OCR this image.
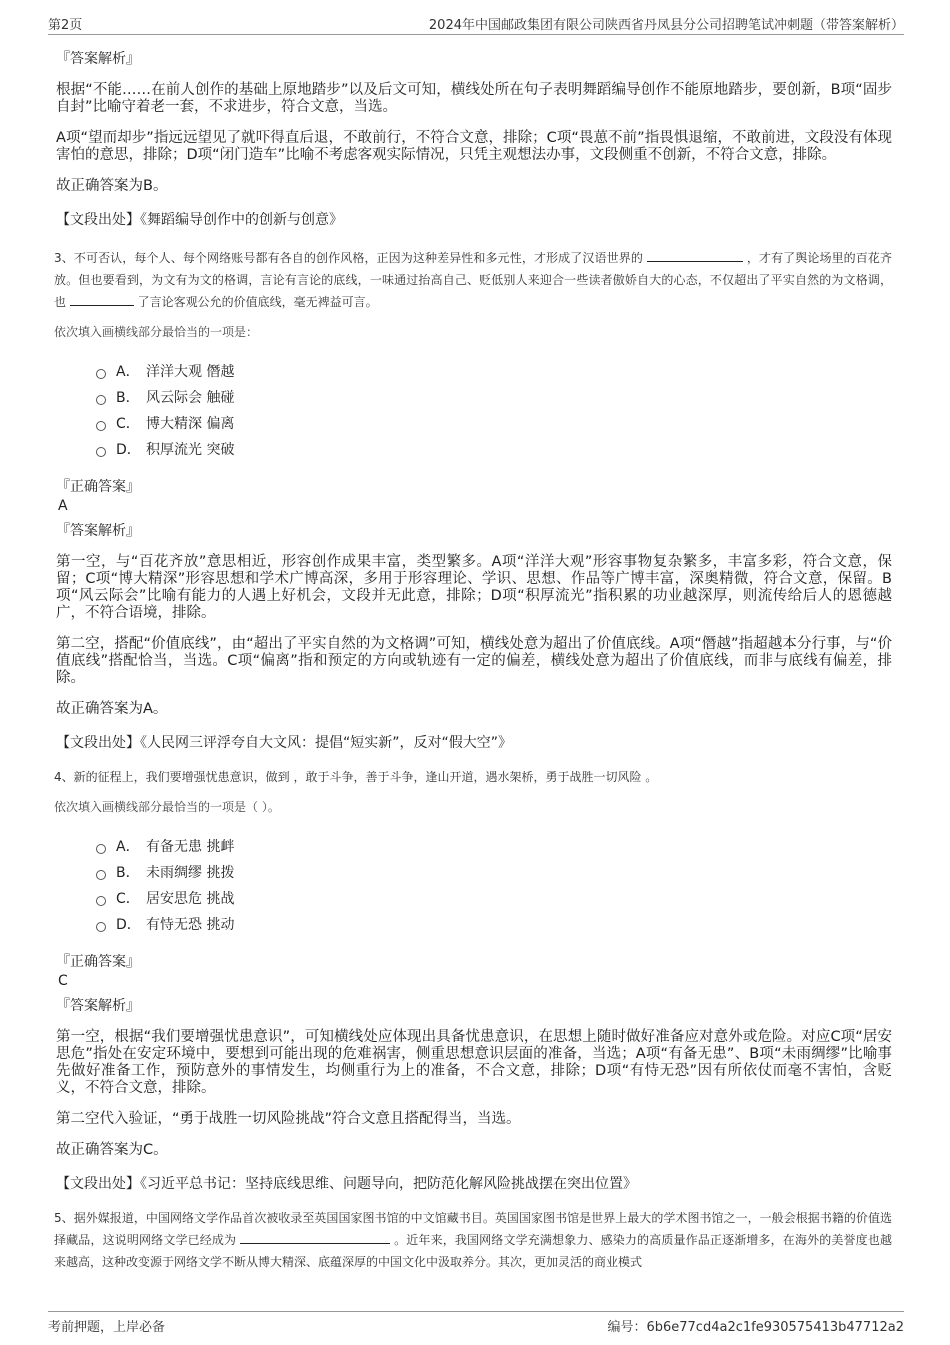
第2页	2024年中国邮政集团有限公司陕西省丹凤县分公司招聘笔试冲刺题（带答案解析）
『答案解析』

根据“不能……在前人创作的基础上原地踏步”以及后文可知，横线处所在句子表明舞蹈编导创作不能原地踏步，要创新，B项“固步自封”比喻守着老一套，不求进步，符合文意，当选。

A项“望而却步”指远远望见了就吓得直后退，不敢前行，不符合文意，排除；C项“畏葸不前”指畏惧退缩，不敢前进，文段没有体现害怕的意思，排除；D项“闭门造车”比喻不考虑客观实际情况，只凭主观想法办事，文段侧重不创新，不符合文意，排除。

故正确答案为B。

【文段出处】《舞蹈编导创作中的创新与创意》
3、不可否认，每个人、每个网络账号都有各自的创作风格，正因为这种差异性和多元性，才形成了汉语世界的	，才有了舆论场里的百花齐放。但也要看到，为文有为文的格调，言论有言论的底线，一味通过抬高自己、贬低别人来迎合一些读者傲娇自大的心态，不仅超出了平实自然的为文格调，也	了言论客观公允的价值底线，毫无裨益可言。
依次填入画横线部分最恰当的一项是：
A． 洋洋大观 僭越
B． 风云际会 触碰
C． 博大精深 偏离
D． 积厚流光 突破
『正确答案』
A
『答案解析』

第一空，与“百花齐放”意思相近，形容创作成果丰富，类型繁多。A项“洋洋大观”形容事物复杂繁多，丰富多彩，符合文意，保留；C项“博大精深”形容思想和学术广博高深，多用于形容理论、学识、思想、作品等广博丰富，深奥精微，符合文意，保留。B项“风云际会”比喻有能力的人遇上好机会，文段并无此意，排除；D项“积厚流光”指积累的功业越深厚，则流传给后人的恩德越广，不符合语境，排除。

第二空，搭配“价值底线”，由“超出了平实自然的为文格调”可知，横线处意为超出了价值底线。A项“僭越”指超越本分行事，与“价值底线”搭配恰当，当选。C项“偏离”指和预定的方向或轨迹有一定的偏差，横线处意为超出了价值底线，而非与底线有偏差，排除。

故正确答案为A。

【文段出处】《人民网三评浮夸自大文风：提倡“短实新”，反对“假大空”》
4、新的征程上，我们要增强忧患意识，做到 ，敢于斗争，善于斗争，逢山开道，遇水架桥，勇于战胜一切风险 。
依次填入画横线部分最恰当的一项是（ ）。
A． 有备无患 挑衅
B． 未雨绸缪 挑拨
C． 居安思危 挑战
D． 有恃无恐 挑动
『正确答案』
C
『答案解析』

第一空，根据“我们要增强忧患意识”，可知横线处应体现出具备忧患意识，在思想上随时做好准备应对意外或危险。对应C项“居安思危”指处在安定环境中，要想到可能出现的危难祸害，侧重思想意识层面的准备，当选；A项“有备无患”、B项“未雨绸缪”比喻事先做好准备工作，预防意外的事情发生，均侧重行为上的准备，不合文意，排除；D项“有恃无恐”因有所依仗而毫不害怕，含贬义，不符合文意，排除。

第二空代入验证，“勇于战胜一切风险挑战”符合文意且搭配得当，当选。

故正确答案为C。

【文段出处】《习近平总书记：坚持底线思维、问题导向，把防范化解风险挑战摆在突出位置》
5、据外媒报道，中国网络文学作品首次被收录至英国国家图书馆的中文馆藏书目。英国国家图书馆是世界上最大的学术图书馆之一，一般会根据书籍的价值选择藏品，这说明网络文学已经成为	。近年来，我国网络文学充满想象力、感染力的高质量作品正逐渐增多，在海外的美誉度也越来越高，这种改变源于网络文学不断从博大精深、底蕴深厚的中国文化中汲取养分。其次，更加灵活的商业模式
考前押题，上岸必备	编号：6b6e77cd4a2c1fe930575413b47712a2
